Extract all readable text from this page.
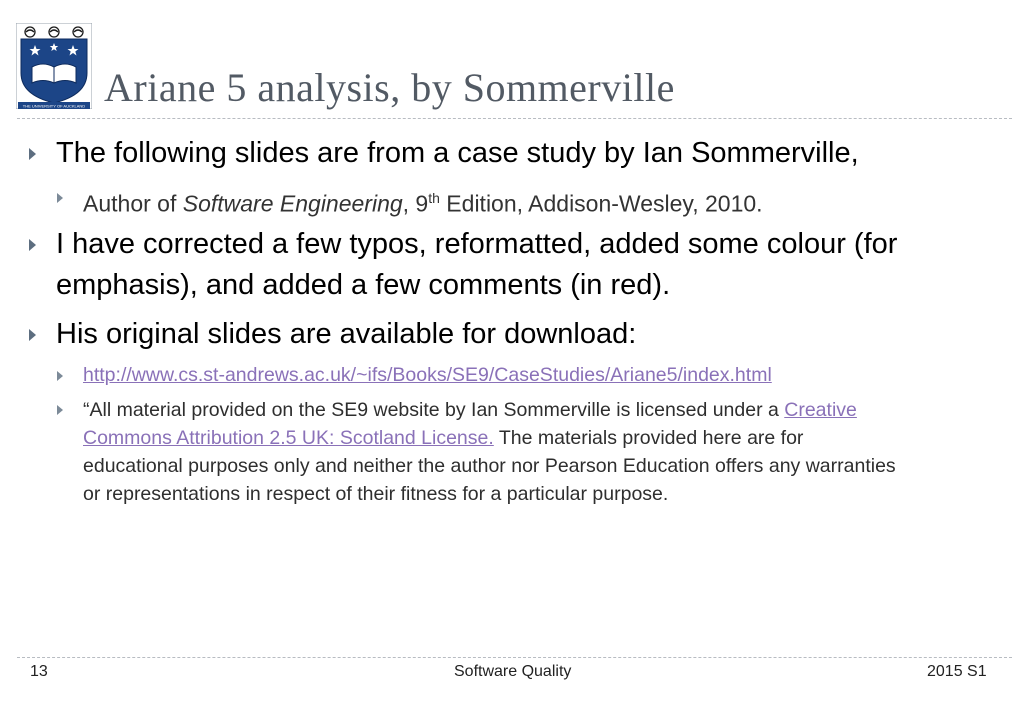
THE UNIVERSITY OF AUCKLAND Ariane 5 analysis, by Sommerville
The following slides are from a case study by Ian Sommerville,
Author of Software Engineering, 9th Edition, Addison-Wesley, 2010.
I have corrected a few typos, reformatted, added some colour (for
emphasis), and added a few comments (in red).
His original slides are available for download:
http://www.cs.st-andrews.ac.uk/~ifs/Books/SE9/CaseStudies/Ariane5/index.html
“All material provided on the SE9 website by Ian Sommerville is licensed under a Creative
Commons Attribution 2.5 UK: Scotland License. The materials provided here are for
educational purposes only and neither the author nor Pearson Education offers any warranties
or representations in respect of their fitness for a particular purpose.
13	Software Quality	2015 S1
